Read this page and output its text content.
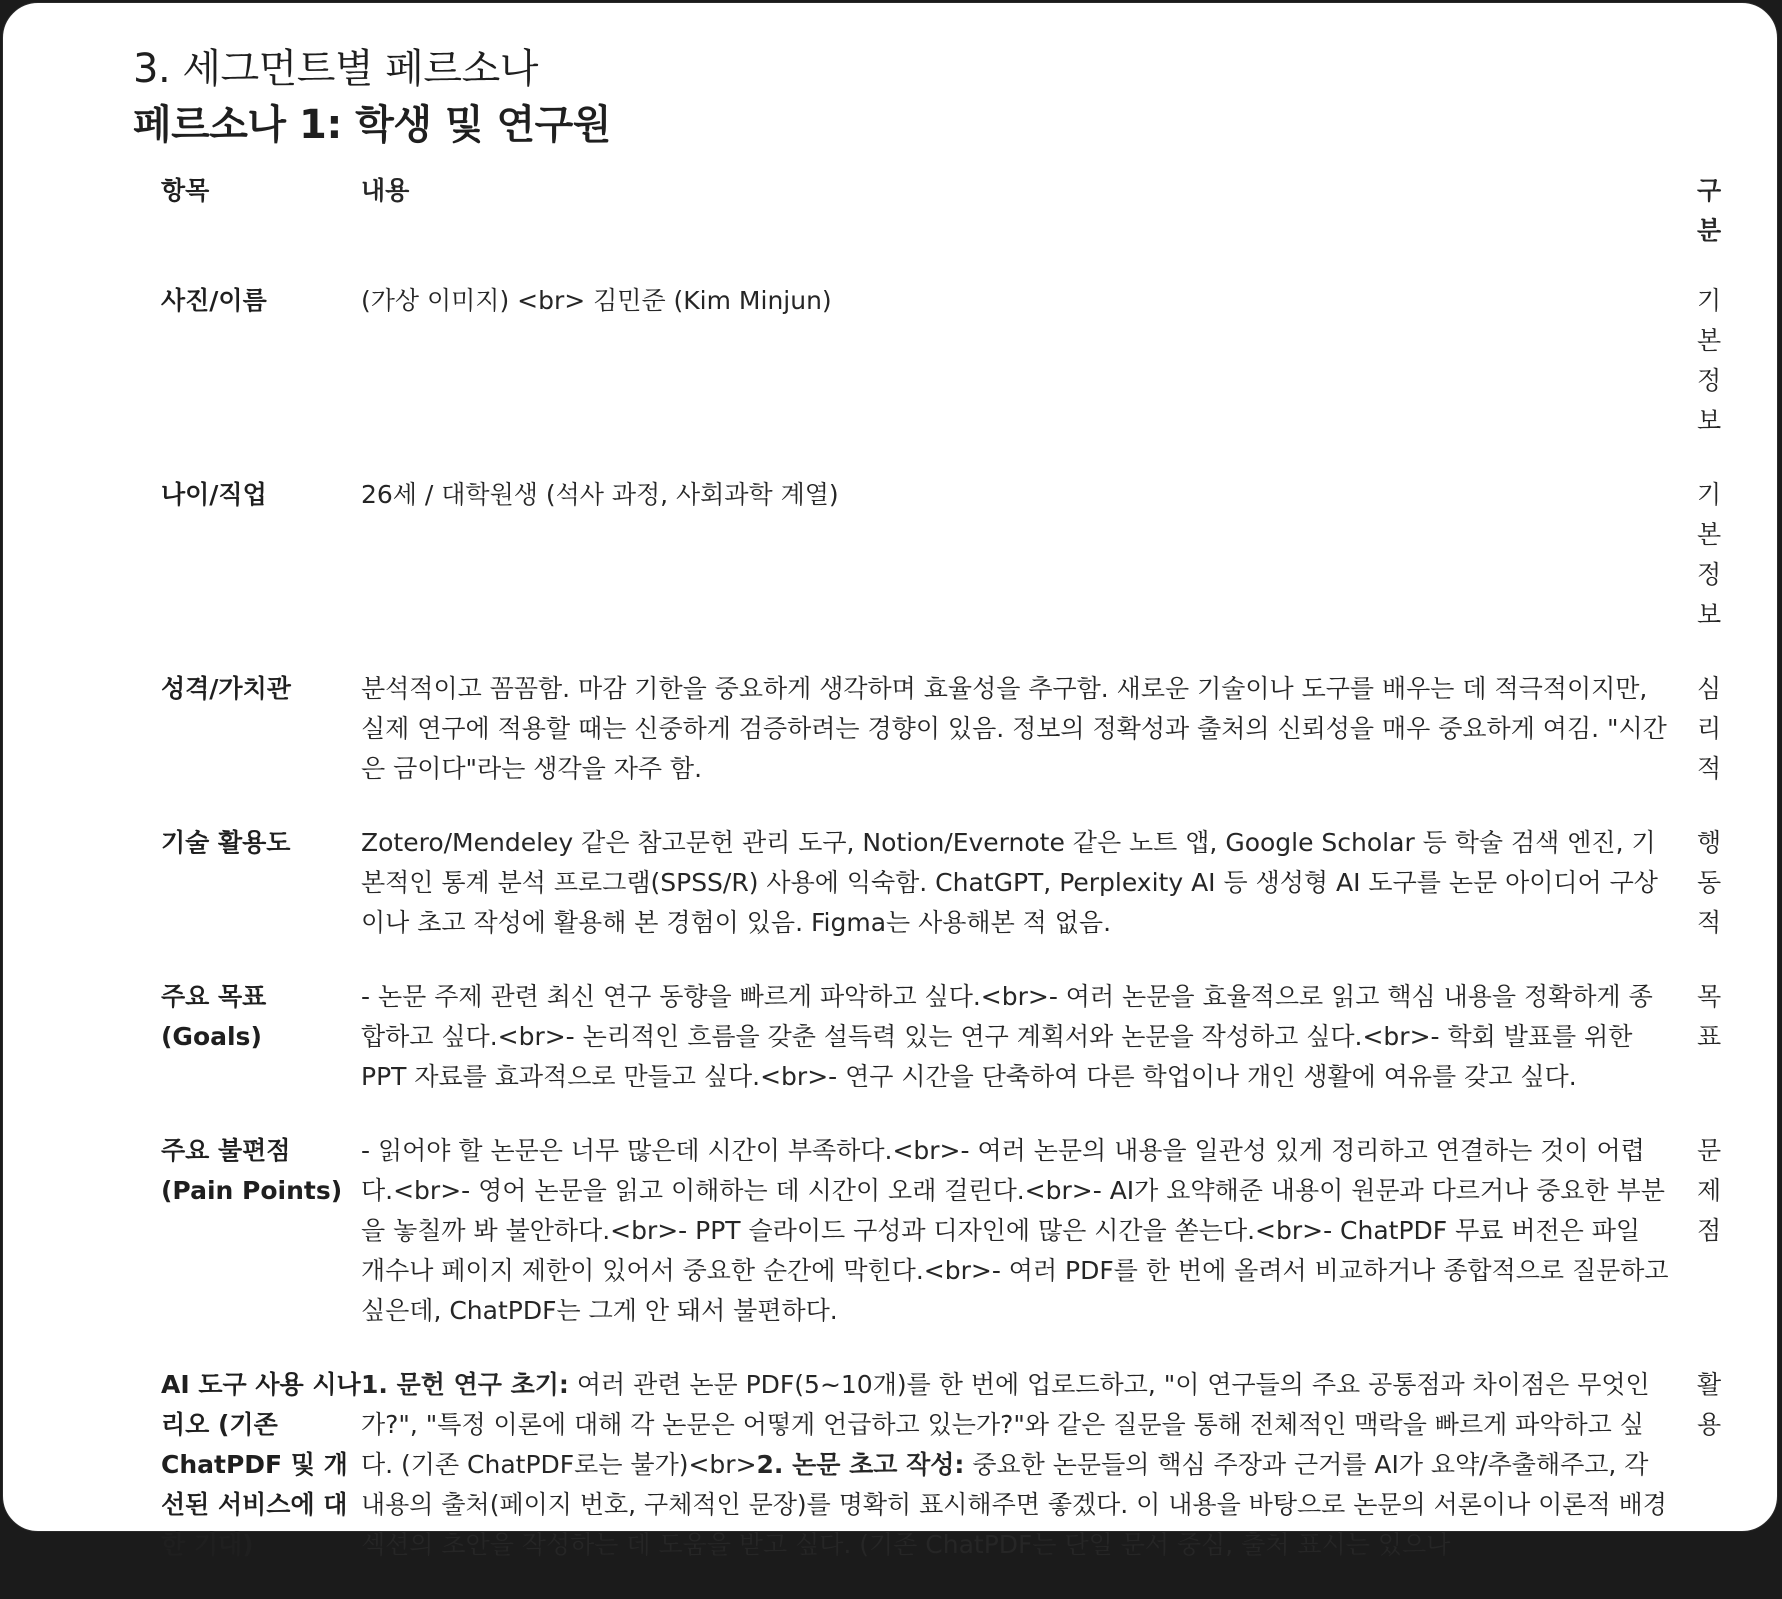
3. 세그먼트별 페르소나
페르소나 1: 학생 및 연구원
항목	내용	구분

사진/이름	(가상 이미지) <br> 김민준 (Kim Minjun)	기본정보

나이/직업	26세 / 대학원생 (석사 과정, 사회과학 계열)	기본정보

성격/가치관	분석적이고 꼼꼼함. 마감 기한을 중요하게 생각하며 효율성을 추구함. 새로운 기술이나 도구를 배우는 데 적극적이지만, 실제 연구에 적용할 때는 신중하게 검증하려는 경향이 있음. 정보의 정확성과 출처의 신뢰성을 매우 중요하게 여김. "시간은 금이다"라는 생각을 자주 함.	심리적

기술 활용도	Zotero/Mendeley 같은 참고문헌 관리 도구, Notion/Evernote 같은 노트 앱, Google Scholar 등 학술 검색 엔진, 기본적인 통계 분석 프로그램(SPSS/R) 사용에 익숙함. ChatGPT, Perplexity AI 등 생성형 AI 도구를 논문 아이디어 구상이나 초고 작성에 활용해 본 경험이 있음. Figma는 사용해본 적 없음.	행동적

주요 목표 (Goals)	- 논문 주제 관련 최신 연구 동향을 빠르게 파악하고 싶다.<br>- 여러 논문을 효율적으로 읽고 핵심 내용을 정확하게 종합하고 싶다.<br>- 논리적인 흐름을 갖춘 설득력 있는 연구 계획서와 논문을 작성하고 싶다.<br>- 학회 발표를 위한 PPT 자료를 효과적으로 만들고 싶다.<br>- 연구 시간을 단축하여 다른 학업이나 개인 생활에 여유를 갖고 싶다.	목표

주요 불편점 (Pain Points)	- 읽어야 할 논문은 너무 많은데 시간이 부족하다.<br>- 여러 논문의 내용을 일관성 있게 정리하고 연결하는 것이 어렵다.<br>- 영어 논문을 읽고 이해하는 데 시간이 오래 걸린다.<br>- AI가 요약해준 내용이 원문과 다르거나 중요한 부분을 놓칠까 봐 불안하다.<br>- PPT 슬라이드 구성과 디자인에 많은 시간을 쏟는다.<br>- ChatPDF 무료 버전은 파일 개수나 페이지 제한이 있어서 중요한 순간에 막힌다.<br>- 여러 PDF를 한 번에 올려서 비교하거나 종합적으로 질문하고 싶은데, ChatPDF는 그게 안 돼서 불편하다.	문제점

AI 도구 사용 시나리오 (기존 ChatPDF 및 개선된 서비스에 대한 기대)	1. 문헌 연구 초기: 여러 관련 논문 PDF(5~10개)를 한 번에 업로드하고, "이 연구들의 주요 공통점과 차이점은 무엇인가?", "특정 이론에 대해 각 논문은 어떻게 언급하고 있는가?"와 같은 질문을 통해 전체적인 맥락을 빠르게 파악하고 싶다. (기존 ChatPDF로는 불가)<br>2. 논문 초고 작성: 중요한 논문들의 핵심 주장과 근거를 AI가 요약/추출해주고, 각 내용의 출처(페이지 번호, 구체적인 문장)를 명확히 표시해주면 좋겠다. 이 내용을 바탕으로 논문의 서론이나 이론적 배경 섹션의 초안을 작성하는 데 도움을 받고 싶다. (기존 ChatPDF는 단일 문서 중심, 출처 표시는 있으나	활용
